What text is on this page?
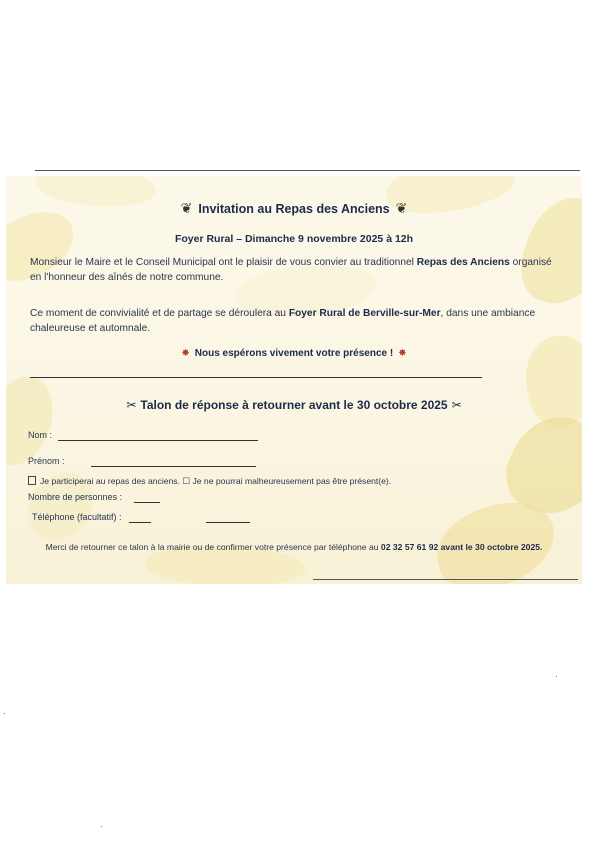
❦ Invitation au Repas des Anciens ❦
Foyer Rural – Dimanche 9 novembre 2025 à 12h
Monsieur le Maire et le Conseil Municipal ont le plaisir de vous convier au traditionnel Repas des Anciens organisé en l'honneur des aînés de notre commune.
Ce moment de convivialité et de partage se déroulera au Foyer Rural de Berville-sur-Mer, dans une ambiance chaleureuse et automnale.
✸ Nous espérons vivement votre présence ! ✸
✂ Talon de réponse à retourner avant le 30 octobre 2025 ✂
Nom :
Prénom :
Je participerai au repas des anciens. ☐ Je ne pourrai malheureusement pas être présent(e).
Nombre de personnes :
Téléphone (facultatif) :
Merci de retourner ce talon à la mairie ou de confirmer votre présence par téléphone au 02 32 57 61 92 avant le 30 octobre 2025.
